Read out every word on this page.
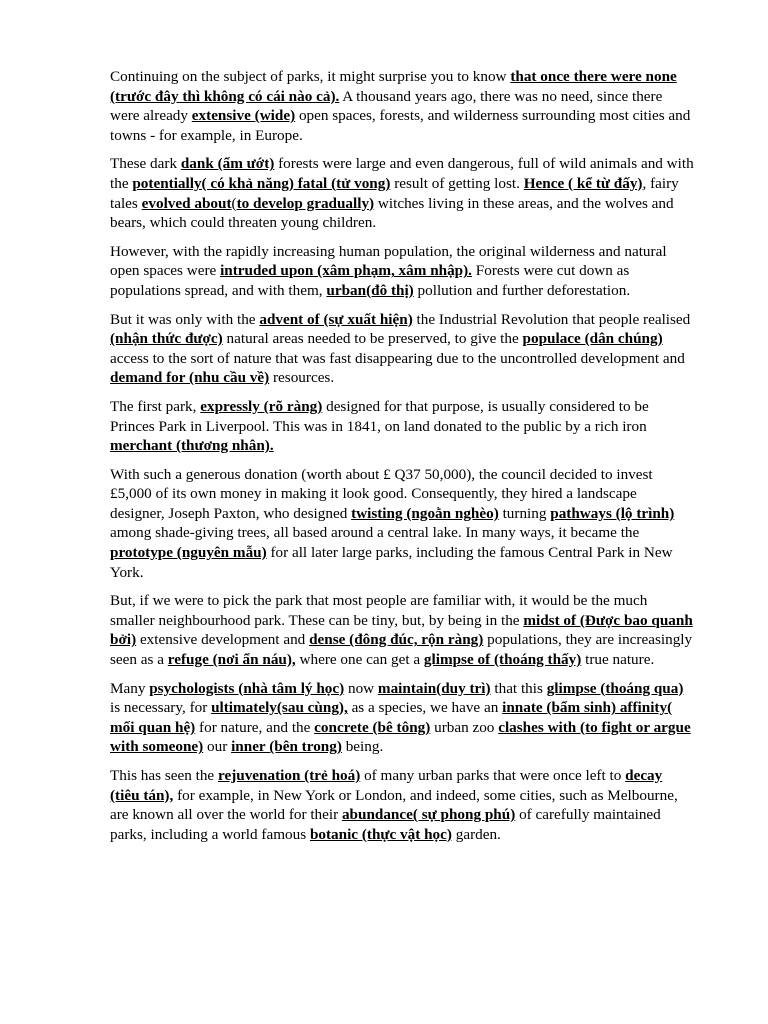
Continuing on the subject of parks, it might surprise you to know that once there were none (trước đây thì không có cái nào cả). A thousand years ago, there was no need, since there were already extensive (wide) open spaces, forests, and wilderness surrounding most cities and towns - for example, in Europe.

These dark dank (ẩm ướt) forests were large and even dangerous, full of wild animals and with the potentially( có khả năng) fatal (tử vong) result of getting lost. Hence ( kể từ đấy), fairy tales evolved about(to develop gradually) witches living in these areas, and the wolves and bears, which could threaten young children.

However, with the rapidly increasing human population, the original wilderness and natural open spaces were intruded upon (xâm phạm, xâm nhập). Forests were cut down as populations spread, and with them, urban(đô thị) pollution and further deforestation.

But it was only with the advent of (sự xuất hiện) the Industrial Revolution that people realised (nhận thức được) natural areas needed to be preserved, to give the populace (dân chúng) access to the sort of nature that was fast disappearing due to the uncontrolled development and demand for (nhu cầu về) resources.

The first park, expressly (rõ ràng) designed for that purpose, is usually considered to be Princes Park in Liverpool. This was in 1841, on land donated to the public by a rich iron merchant (thương nhân).

With such a generous donation (worth about £ Q37 50,000), the council decided to invest £5,000 of its own money in making it look good. Consequently, they hired a landscape designer, Joseph Paxton, who designed twisting (ngoằn nghèo) turning pathways (lộ trình) among shade-giving trees, all based around a central lake. In many ways, it became the prototype (nguyên mẫu) for all later large parks, including the famous Central Park in New York.

But, if we were to pick the park that most people are familiar with, it would be the much smaller neighbourhood park. These can be tiny, but, by being in the midst of (Được bao quanh bởi) extensive development and dense (đông đúc, rộn ràng) populations, they are increasingly seen as a refuge (nơi ẩn náu), where one can get a glimpse of (thoáng thấy) true nature.

Many psychologists (nhà tâm lý học) now maintain(duy trì) that this glimpse (thoáng qua) is necessary, for ultimately(sau cùng), as a species, we have an innate (bẩm sinh) affinity( mối quan hệ) for nature, and the concrete (bê tông) urban zoo clashes with (to fight or argue with someone) our inner (bên trong) being.

This has seen the rejuvenation (trẻ hoá) of many urban parks that were once left to decay (tiêu tán), for example, in New York or London, and indeed, some cities, such as Melbourne, are known all over the world for their abundance( sự phong phú) of carefully maintained parks, including a world famous botanic (thực vật học) garden.
